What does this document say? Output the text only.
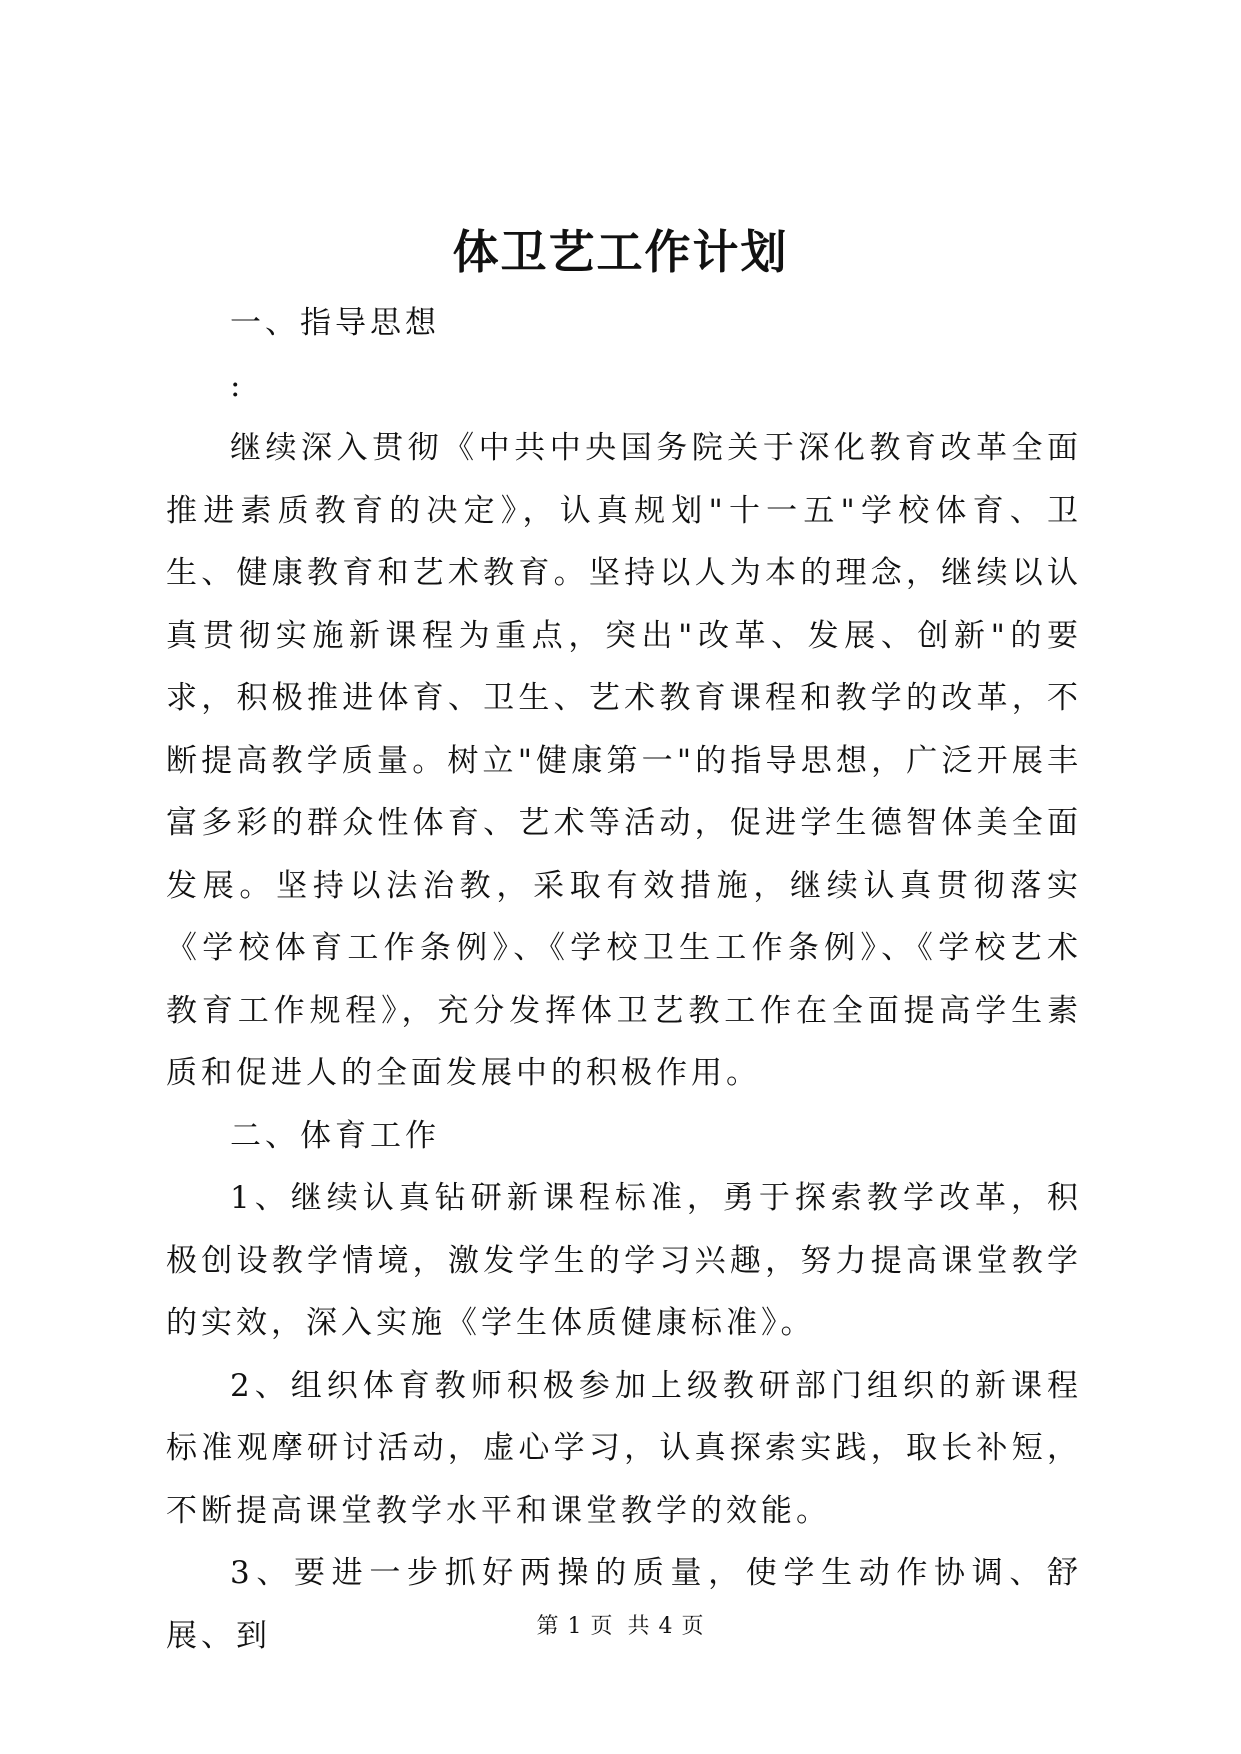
体卫艺工作计划

一、指导思想

:

继续深入贯彻《中共中央国务院关于深化教育改革全面推进素质教育的决定》，认真规划"十一五"学校体育、卫生、健康教育和艺术教育。坚持以人为本的理念，继续以认真贯彻实施新课程为重点，突出"改革、发展、创新"的要求，积极推进体育、卫生、艺术教育课程和教学的改革，不断提高教学质量。树立"健康第一"的指导思想，广泛开展丰富多彩的群众性体育、艺术等活动，促进学生德智体美全面发展。坚持以法治教，采取有效措施，继续认真贯彻落实《学校体育工作条例》、《学校卫生工作条例》、《学校艺术教育工作规程》，充分发挥体卫艺教工作在全面提高学生素质和促进人的全面发展中的积极作用。

二、体育工作

1、继续认真钻研新课程标准，勇于探索教学改革，积极创设教学情境，激发学生的学习兴趣，努力提高课堂教学的实效，深入实施《学生体质健康标准》。

2、组织体育教师积极参加上级教研部门组织的新课程标准观摩研讨活动，虚心学习，认真探索实践，取长补短，不断提高课堂教学水平和课堂教学的效能。

3、要进一步抓好两操的质量，使学生动作协调、舒展、到	第 1 页 共 4 页
